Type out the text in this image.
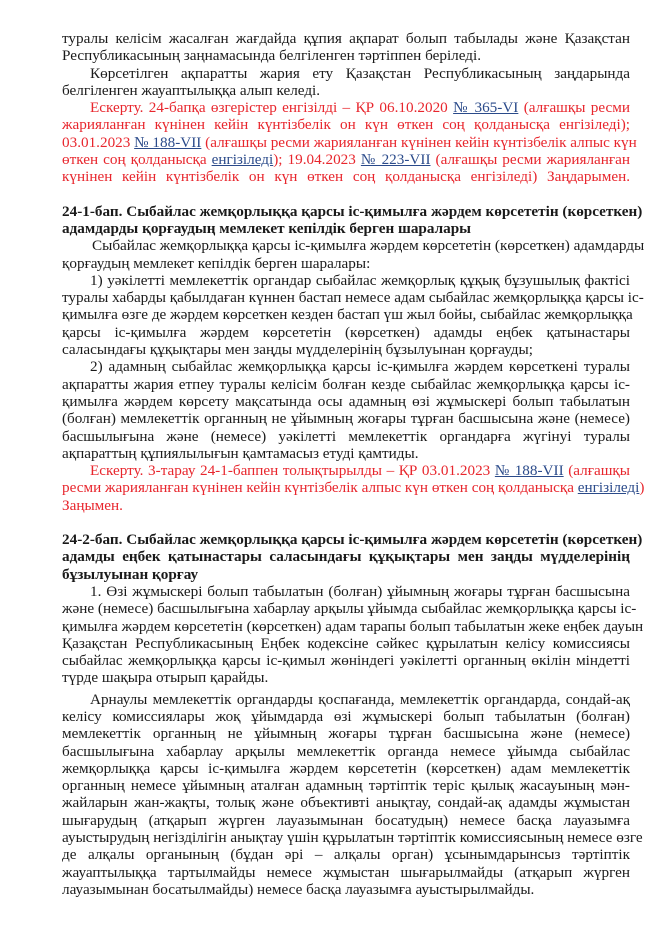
туралы келісім жасалған жағдайда құпия ақпарат болып табылады және Қазақстан
Республикасының заңнамасында белгіленген тәртіппен беріледі.
Көрсетілген ақпаратты жария ету Қазақстан Республикасының заңдарында
белгіленген жауаптылыққа алып келеді.
Ескерту. 24-бапқа өзгерістер енгізілді – ҚР 06.10.2020 № 365-VI (алғашқы ресми
жарияланған күнінен кейін күнтізбелік он күн өткен соң қолданысқа енгізіледі);
03.01.2023 № 188-VII (алғашқы ресми жарияланған күнінен кейін күнтізбелік алпыс күн
өткен соң қолданысқа енгізіледі); 19.04.2023 № 223-VII (алғашқы ресми жарияланған
күнінен кейін күнтізбелік он күн өткен соң қолданысқа енгізіледі) Заңдарымен.
24-1-бап. Сыбайлас жемқорлыққа қарсы іс-қимылға жәрдем көрсететін (көрсеткен)
адамдарды қорғаудың мемлекет кепілдік берген шаралары
Сыбайлас жемқорлыққа қарсы іс-қимылға жәрдем көрсететін (көрсеткен) адамдарды
қорғаудың мемлекет кепілдік берген шаралары:
1) уәкілетті мемлекеттік органдар сыбайлас жемқорлық құқық бұзушылық фактісі
туралы хабарды қабылдаған күннен бастап немесе адам сыбайлас жемқорлыққа қарсы іс-
қимылға өзге де жәрдем көрсеткен кезден бастап үш жыл бойы, сыбайлас жемқорлыққа
қарсы іс-қимылға жәрдем көрсететін (көрсеткен) адамды еңбек қатынастары
саласындағы құқықтары мен заңды мүдделерінің бұзылуынан қорғауды;
2) адамның сыбайлас жемқорлыққа қарсы іс-қимылға жәрдем көрсеткені туралы
ақпаратты жария етпеу туралы келісім болған кезде сыбайлас жемқорлыққа қарсы іс-
қимылға жәрдем көрсету мақсатында осы адамның өзі жұмыскері болып табылатын
(болған) мемлекеттік органның не ұйымның жоғары тұрған басшысына және (немесе)
басшылығына және (немесе) уәкілетті мемлекеттік органдарға жүгінуі туралы
ақпараттың құпиялылығын қамтамасыз етуді қамтиды.
Ескерту. 3-тарау 24-1-баппен толықтырылды – ҚР 03.01.2023 № 188-VII (алғашқы
ресми жарияланған күнінен кейін күнтізбелік алпыс күн өткен соң қолданысқа енгізіледі)
Заңымен.
24-2-бап. Сыбайлас жемқорлыққа қарсы іс-қимылға жәрдем көрсететін (көрсеткен)
адамды еңбек қатынастары саласындағы құқықтары мен заңды мүдделерінің
бұзылуынан қорғау
1. Өзі жұмыскері болып табылатын (болған) ұйымның жоғары тұрған басшысына
және (немесе) басшылығына хабарлау арқылы ұйымда сыбайлас жемқорлыққа қарсы іс-
қимылға жәрдем көрсететін (көрсеткен) адам тарапы болып табылатын жеке еңбек дауын
Қазақстан Республикасының Еңбек кодексіне сәйкес құрылатын келісу комиссиясы
сыбайлас жемқорлыққа қарсы іс-қимыл жөніндегі уәкілетті органның өкілін міндетті
түрде шақыра отырып қарайды.
Арнаулы мемлекеттік органдарды қоспағанда, мемлекеттік органдарда, сондай-ақ
келісу комиссиялары жоқ ұйымдарда өзі жұмыскері болып табылатын (болған)
мемлекеттік органның не ұйымның жоғары тұрған басшысына және (немесе)
басшылығына хабарлау арқылы мемлекеттік органда немесе ұйымда сыбайлас
жемқорлыққа қарсы іс-қимылға жәрдем көрсететін (көрсеткен) адам мемлекеттік
органның немесе ұйымның аталған адамның тәртіптік теріс қылық жасауының мән-
жайларын жан-жақты, толық және объективті анықтау, сондай-ақ адамды жұмыстан
шығарудың (атқарып жүрген лауазымынан босатудың) немесе басқа лауазымға
ауыстырудың негізділігін анықтау үшін құрылатын тәртіптік комиссиясының немесе өзге
де алқалы органының (бұдан әрі – алқалы орган) ұсынымдарынсыз тәртіптік
жауаптылыққа тартылмайды немесе жұмыстан шығарылмайды (атқарып жүрген
лауазымынан босатылмайды) немесе басқа лауазымға ауыстырылмайды.
